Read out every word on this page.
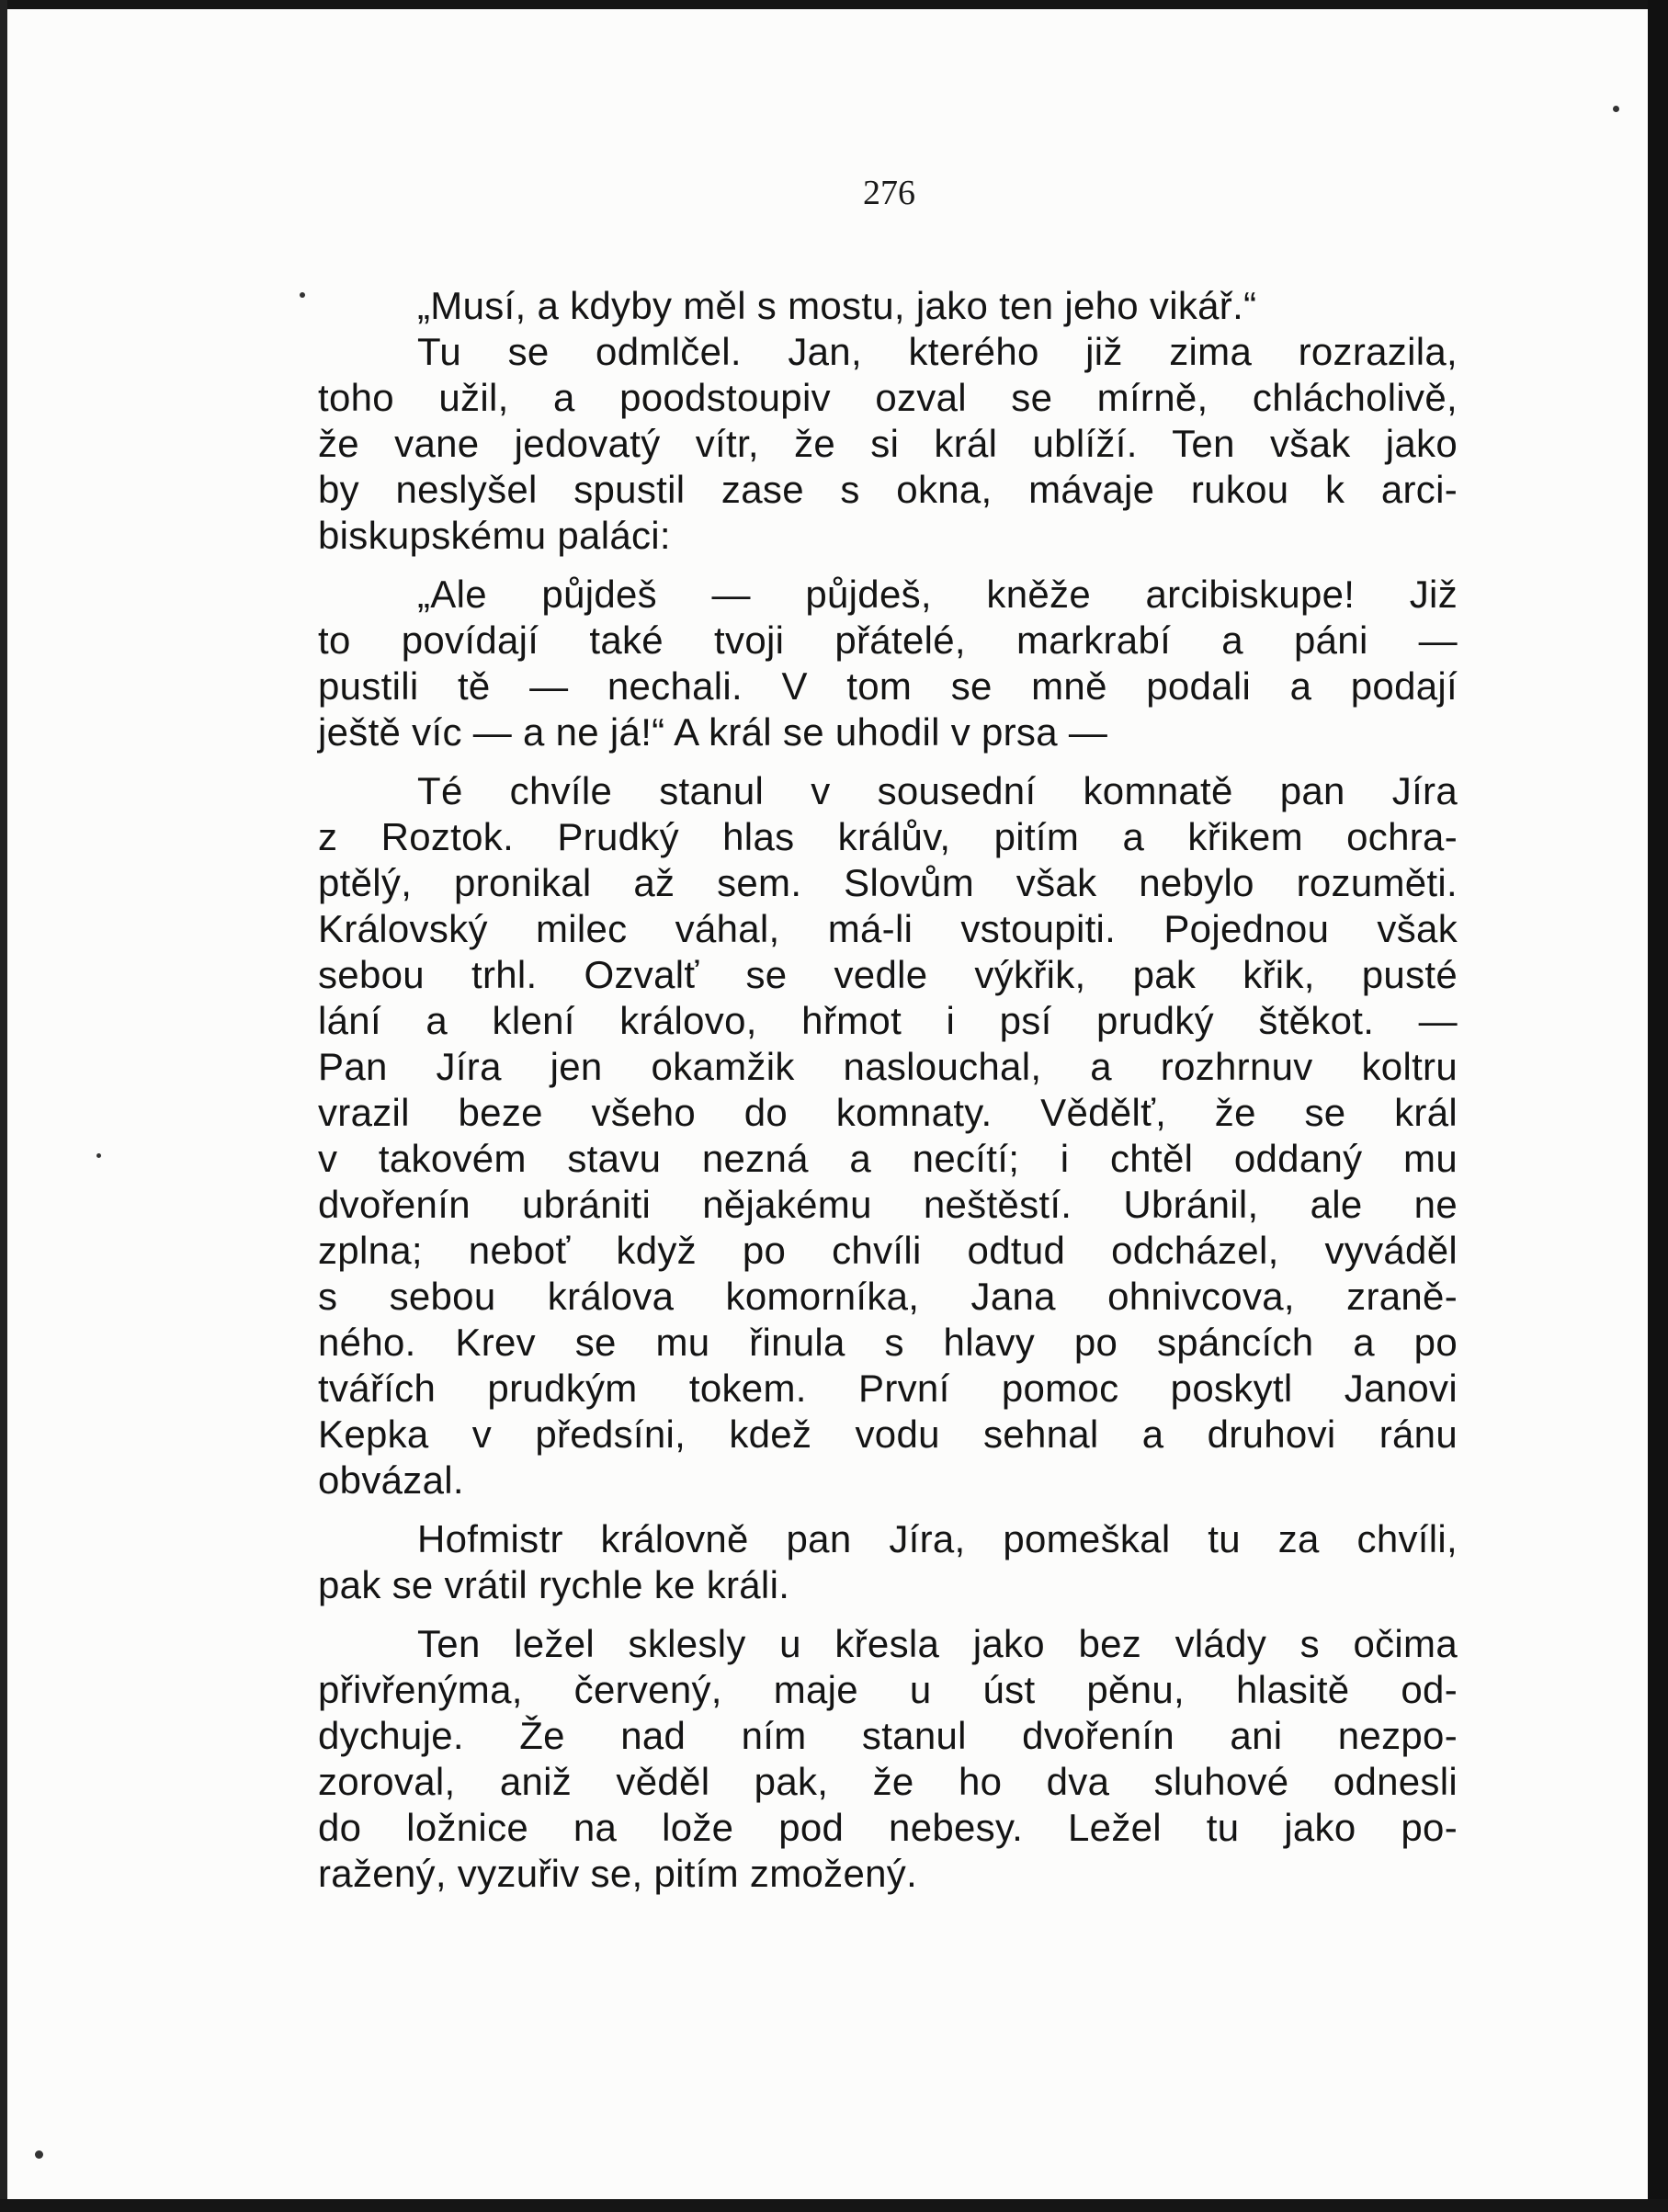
276

„Musí, a kdyby měl s mostu, jako ten jeho vikář.“

Tu se odmlčel. Jan, kterého již zima rozrazila,
toho užil, a poodstoupiv ozval se mírně, chlácholivě,
že vane jedovatý vítr, že si král ublíží. Ten však jako
by neslyšel spustil zase s okna, mávaje rukou k arci-
biskupskému paláci:

„Ale půjdeš — půjdeš, kněže arcibiskupe! Již
to povídají také tvoji přátelé, markrabí a páni —
pustili tě — nechali. V tom se mně podali a podají
ještě víc — a ne já!“ A král se uhodil v prsa —

Té chvíle stanul v sousední komnatě pan Jíra
z Roztok. Prudký hlas králův, pitím a křikem ochra-
ptělý, pronikal až sem. Slovům však nebylo rozuměti.
Královský milec váhal, má-li vstoupiti. Pojednou však
sebou trhl. Ozvalť se vedle výkřik, pak křik, pusté
lání a klení královo, hřmot i psí prudký štěkot. —
Pan Jíra jen okamžik naslouchal, a rozhrnuv koltru
vrazil beze všeho do komnaty. Vědělť, že se král
v takovém stavu nezná a necítí; i chtěl oddaný mu
dvořenín ubrániti nějakému neštěstí. Ubránil, ale ne
zplna; neboť když po chvíli odtud odcházel, vyváděl
s sebou králova komorníka, Jana ohnivcova, zraně-
ného. Krev se mu řinula s hlavy po spáncích a po
tvářích prudkým tokem. První pomoc poskytl Janovi
Kepka v předsíni, kdež vodu sehnal a druhovi ránu
obvázal.

Hofmistr královně pan Jíra, pomeškal tu za chvíli,
pak se vrátil rychle ke králi.

Ten ležel sklesly u křesla jako bez vlády s očima
přivřenýma, červený, maje u úst pěnu, hlasitě od-
dychuje. Že nad ním stanul dvořenín ani nezpo-
zoroval, aniž věděl pak, že ho dva sluhové odnesli
do ložnice na lože pod nebesy. Ležel tu jako po-
ražený, vyzuřiv se, pitím zmožený.
